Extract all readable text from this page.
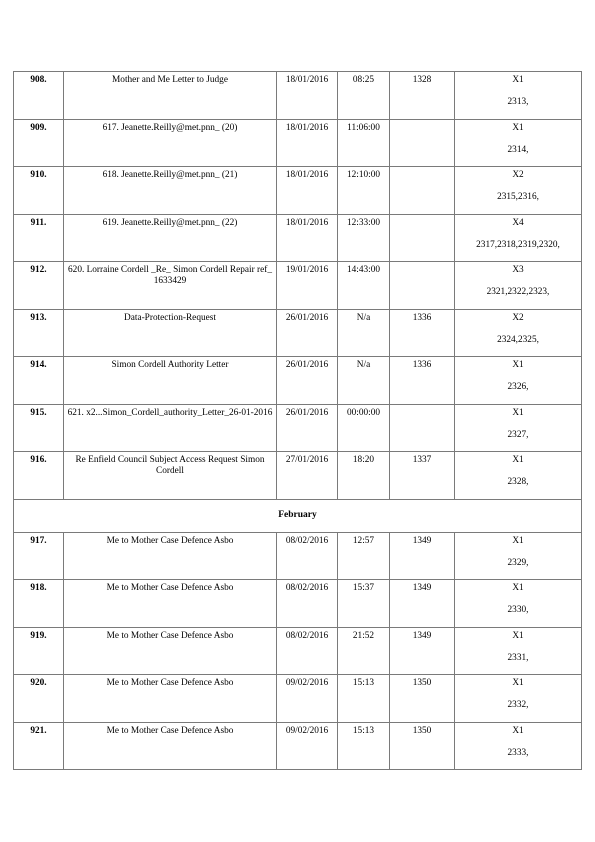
908.	Mother and Me Letter to Judge	18/01/2016	08:25	1328	X1
2313,

909.	617. Jeanette.Reilly@met.pnn_ (20)	18/01/2016	11:06:00		X1
2314,

910.	618. Jeanette.Reilly@met.pnn_ (21)	18/01/2016	12:10:00		X2
2315,2316,

911.	619. Jeanette.Reilly@met.pnn_ (22)	18/01/2016	12:33:00		X4
2317,2318,2319,2320,

912.	620. Lorraine Cordell _Re_ Simon Cordell Repair ref_ 1633429	19/01/2016	14:43:00		X3
2321,2322,2323,

913.	Data-Protection-Request	26/01/2016	N/a	1336	X2
2324,2325,

914.	Simon Cordell Authority Letter	26/01/2016	N/a	1336	X1
2326,

915.	621. x2...Simon_Cordell_authority_Letter_26-01-2016	26/01/2016	00:00:00		X1
2327,

916.	Re Enfield Council Subject Access Request Simon Cordell	27/01/2016	18:20	1337	X1
2328,

February					
917.	Me to Mother Case Defence Asbo	08/02/2016	12:57	1349	X1
2329,

918.	Me to Mother Case Defence Asbo	08/02/2016	15:37	1349	X1
2330,

919.	Me to Mother Case Defence Asbo	08/02/2016	21:52	1349	X1
2331,

920.	Me to Mother Case Defence Asbo	09/02/2016	15:13	1350	X1
2332,

921.	Me to Mother Case Defence Asbo	09/02/2016	15:13	1350	X1
2333,
